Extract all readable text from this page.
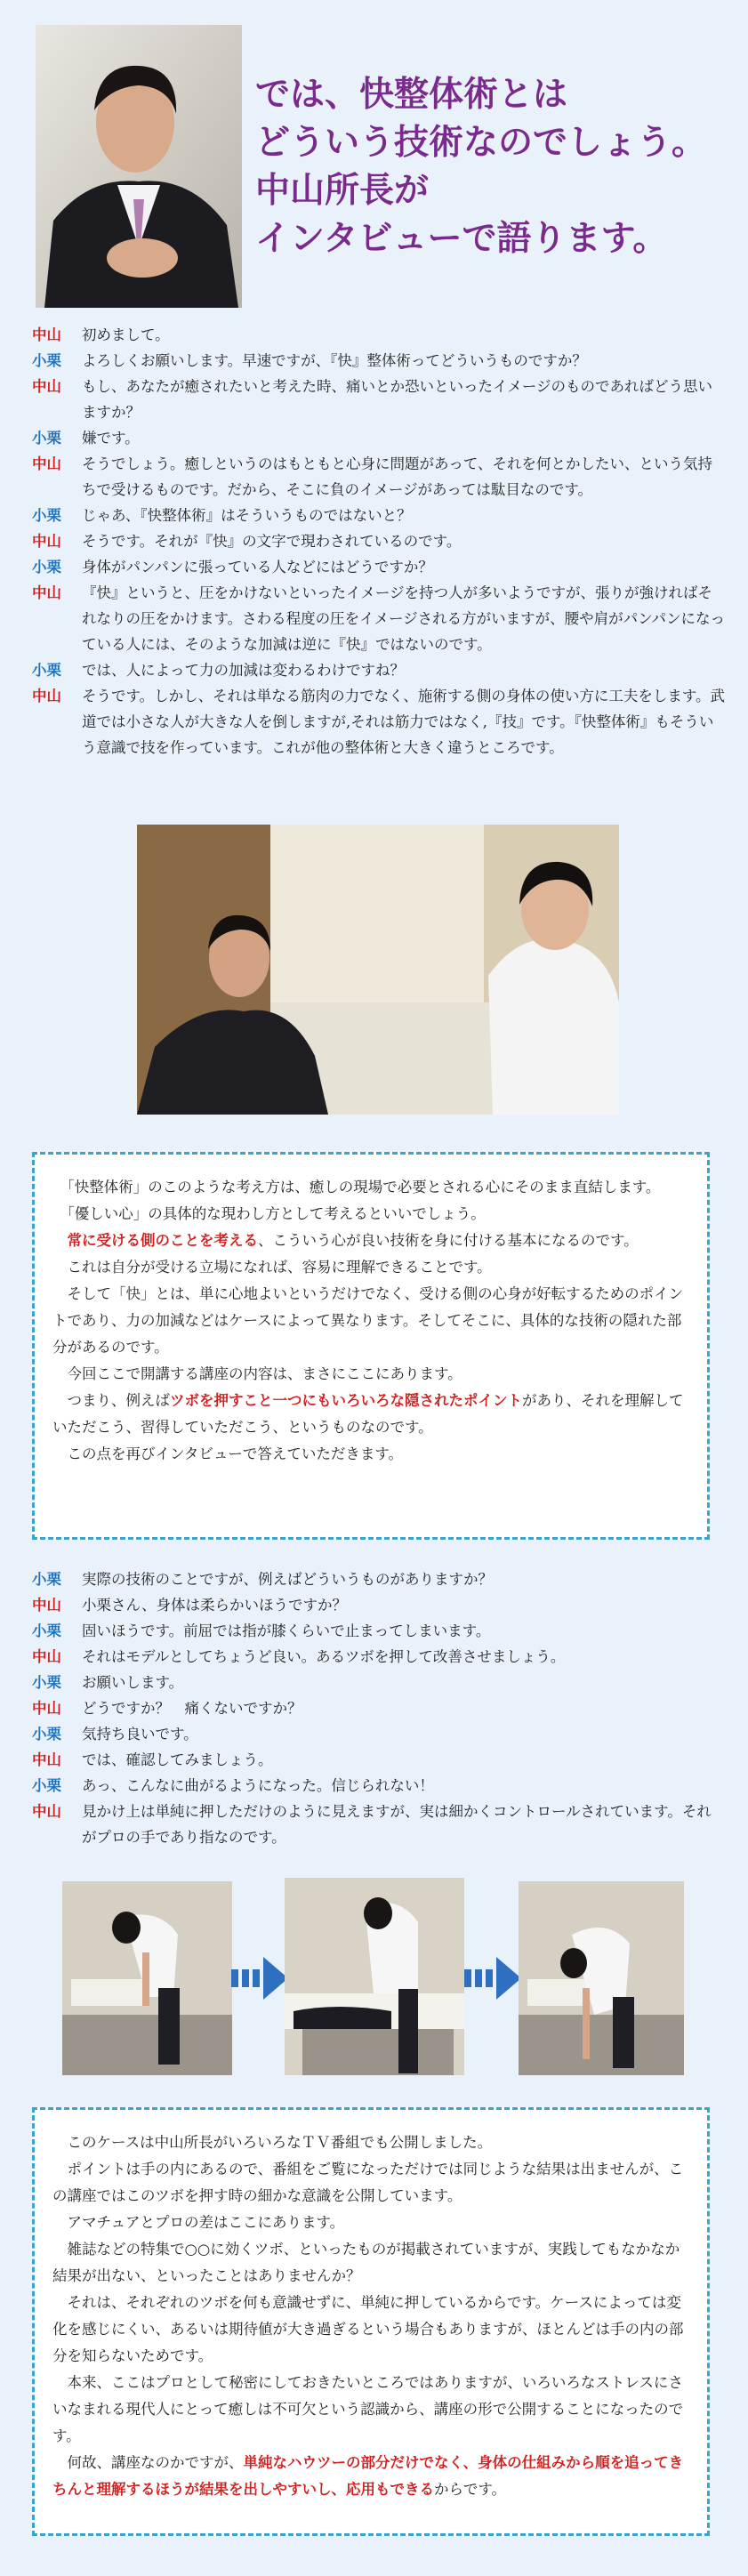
では、快整体術とは
どういう技術なのでしょう。
中山所長が
インタビューで語ります。
中山	初めまして。
小栗	よろしくお願いします。早速ですが、『快』整体術ってどういうものですか？
中山	もし、あなたが癒されたいと考えた時、痛いとか恐いといったイメージのものであればどう思いますか？
小栗	嫌です。
中山	そうでしょう。癒しというのはもともと心身に問題があって、それを何とかしたい、という気持ちで受けるものです。だから、そこに負のイメージがあっては駄目なのです。
小栗	じゃあ、『快整体術』はそういうものではないと？
中山	そうです。それが『快』の文字で現わされているのです。
小栗	身体がパンパンに張っている人などにはどうですか？
中山	『快』というと、圧をかけないといったイメージを持つ人が多いようですが、張りが強ければそれなりの圧をかけます。さわる程度の圧をイメージされる方がいますが、腰や肩がパンパンになっている人には、そのような加減は逆に『快』ではないのです。
小栗	では、人によって力の加減は変わるわけですね？
中山	そうです。しかし、それは単なる筋肉の力でなく、施術する側の身体の使い方に工夫をします。武道では小さな人が大きな人を倒しますが,それは筋力ではなく,『技』です。『快整体術』もそういう意識で技を作っています。これが他の整体術と大きく違うところです。

　「快整体術」のこのような考え方は、癒しの現場で必要とされる心にそのまま直結します。

　「優しい心」の具体的な現わし方として考えるといいでしょう。

　常に受ける側のことを考える、こういう心が良い技術を身に付ける基本になるのです。

　これは自分が受ける立場になれば、容易に理解できることです。

　そして「快」とは、単に心地よいというだけでなく、受ける側の心身が好転するためのポイントであり、力の加減などはケースによって異なります。そしてそこに、具体的な技術の隠れた部分があるのです。

　今回ここで開講する講座の内容は、まさにここにあります。

　つまり、例えばツボを押すこと一つにもいろいろな隠されたポイントがあり、それを理解していただこう、習得していただこう、というものなのです。

　この点を再びインタビューで答えていただきます。

小栗	実際の技術のことですが、例えばどういうものがありますか？
中山	小栗さん、身体は柔らかいほうですか？
小栗	固いほうです。前屈では指が膝くらいで止まってしまいます。
中山	それはモデルとしてちょうど良い。あるツボを押して改善させましょう。
小栗	お願いします。
中山	どうですか？　痛くないですか？
小栗	気持ち良いです。
中山	では、確認してみましょう。
小栗	あっ、こんなに曲がるようになった。信じられない！
中山	見かけ上は単純に押しただけのように見えますが、実は細かくコントロールされています。それがプロの手であり指なのです。

　このケースは中山所長がいろいろなＴＶ番組でも公開しました。

　ポイントは手の内にあるので、番組をご覧になっただけでは同じような結果は出ませんが、この講座ではこのツボを押す時の細かな意識を公開しています。

　アマチュアとプロの差はここにあります。

　雑誌などの特集で○○に効くツボ、といったものが掲載されていますが、実践してもなかなか結果が出ない、といったことはありませんか？

　それは、それぞれのツボを何も意識せずに、単純に押しているからです。ケースによっては変化を感じにくい、あるいは期待値が大き過ぎるという場合もありますが、ほとんどは手の内の部分を知らないためです。

　本来、ここはプロとして秘密にしておきたいところではありますが、いろいろなストレスにさいなまれる現代人にとって癒しは不可欠という認識から、講座の形で公開することになったのです。

　何故、講座なのかですが、単純なハウツーの部分だけでなく、身体の仕組みから順を追ってきちんと理解するほうが結果を出しやすいし、応用もできるからです。
